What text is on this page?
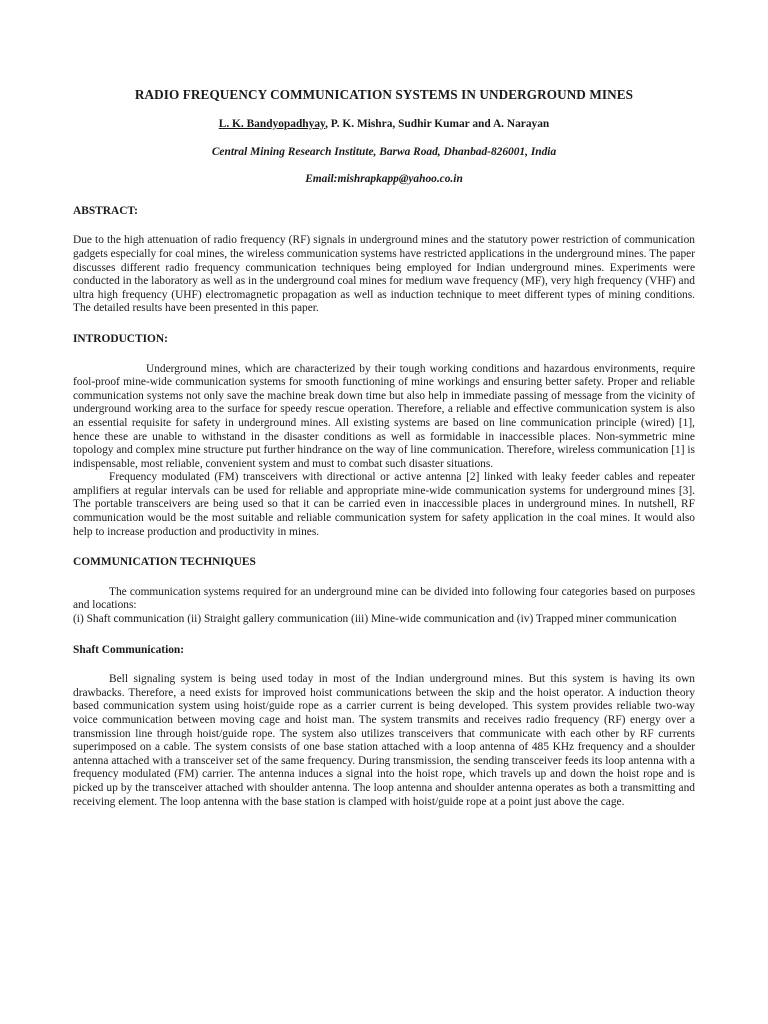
RADIO FREQUENCY COMMUNICATION SYSTEMS IN UNDERGROUND MINES
L. K. Bandyopadhyay, P. K. Mishra, Sudhir Kumar and A. Narayan
Central Mining Research Institute, Barwa Road, Dhanbad-826001, India
Email:mishrapkapp@yahoo.co.in
ABSTRACT:

Due to the high attenuation of radio frequency (RF) signals in underground mines and the statutory power restriction of communication gadgets especially for coal mines, the wireless communication systems have restricted applications in the underground mines. The paper discusses different radio frequency communication techniques being employed for Indian underground mines. Experiments were conducted in the laboratory as well as in the underground coal mines for medium wave frequency (MF), very high frequency (VHF) and ultra high frequency (UHF) electromagnetic propagation as well as induction technique to meet different types of mining conditions. The detailed results have been presented in this paper.

INTRODUCTION:

Underground mines, which are characterized by their tough working conditions and hazardous environments, require fool-proof mine-wide communication systems for smooth functioning of mine workings and ensuring better safety. Proper and reliable communication systems not only save the machine break down time but also help in immediate passing of message from the vicinity of underground working area to the surface for speedy rescue operation. Therefore, a reliable and effective communication system is also an essential requisite for safety in underground mines. All existing systems are based on line communication principle (wired) [1], hence these are unable to withstand in the disaster conditions as well as formidable in inaccessible places. Non-symmetric mine topology and complex mine structure put further hindrance on the way of line communication. Therefore, wireless communication [1] is indispensable, most reliable, convenient system and must to combat such disaster situations.

Frequency modulated (FM) transceivers with directional or active antenna [2] linked with leaky feeder cables and repeater amplifiers at regular intervals can be used for reliable and appropriate mine-wide communication systems for underground mines [3]. The portable transceivers are being used so that it can be carried even in inaccessible places in underground mines. In nutshell, RF communication would be the most suitable and reliable communication system for safety application in the coal mines. It would also help to increase production and productivity in mines.

COMMUNICATION TECHNIQUES

The communication systems required for an underground mine can be divided into following four categories based on purposes and locations:

(i) Shaft communication (ii) Straight gallery communication (iii) Mine-wide communication and (iv) Trapped miner communication

Shaft Communication:

Bell signaling system is being used today in most of the Indian underground mines. But this system is having its own drawbacks. Therefore, a need exists for improved hoist communications between the skip and the hoist operator. A induction theory based communication system using hoist/guide rope as a carrier current is being developed. This system provides reliable two-way voice communication between moving cage and hoist man. The system transmits and receives radio frequency (RF) energy over a transmission line through hoist/guide rope. The system also utilizes transceivers that communicate with each other by RF currents superimposed on a cable. The system consists of one base station attached with a loop antenna of 485 KHz frequency and a shoulder antenna attached with a transceiver set of the same frequency. During transmission, the sending transceiver feeds its loop antenna with a frequency modulated (FM) carrier. The antenna induces a signal into the hoist rope, which travels up and down the hoist rope and is picked up by the transceiver attached with shoulder antenna. The loop antenna and shoulder antenna operates as both a transmitting and receiving element. The loop antenna with the base station is clamped with hoist/guide rope at a point just above the cage.
